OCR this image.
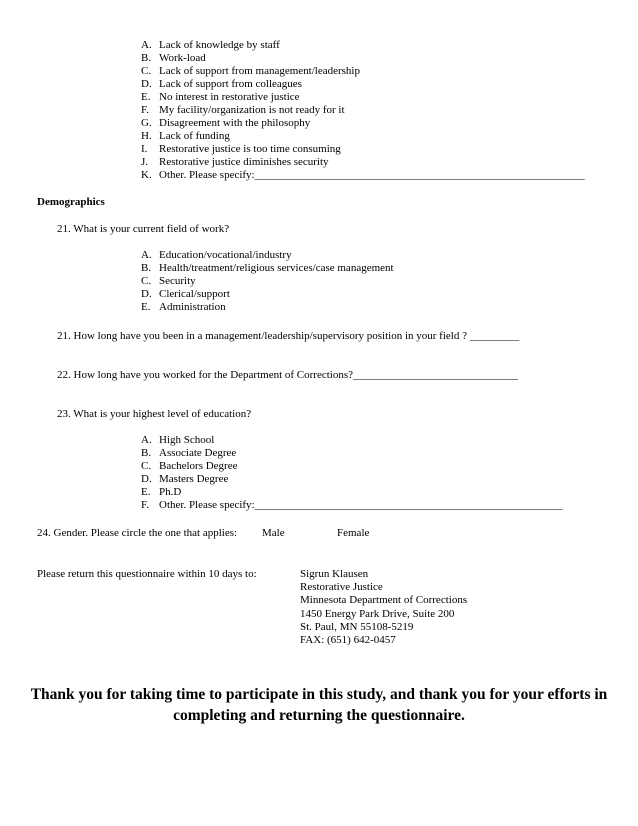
A. Lack of knowledge by staff
B. Work-load
C. Lack of support from management/leadership
D. Lack of support from colleagues
E. No interest in restorative justice
F. My facility/organization is not ready for it
G. Disagreement with the philosophy
H. Lack of funding
I. Restorative justice is too time consuming
J. Restorative justice diminishes security
K. Other. Please specify:____________________________________________________________
Demographics
21. What is your current field of work?
A. Education/vocational/industry
B. Health/treatment/religious services/case management
C. Security
D. Clerical/support
E. Administration
21. How long have you been in a management/leadership/supervisory position in your field ? _________
22. How long have you worked for the Department of Corrections?______________________________
23. What is your highest level of education?
A. High School
B. Associate Degree
C. Bachelors Degree
D. Masters Degree
E. Ph.D
F. Other. Please specify:________________________________________________________
24. Gender. Please circle the one that applies: Male	Female
Please return this questionnaire within 10 days to:	Sigrun Klausen
Restorative Justice
Minnesota Department of Corrections
1450 Energy Park Drive, Suite 200
St. Paul, MN 55108-5219
FAX: (651) 642-0457
Thank you for taking time to participate in this study, and thank you for your efforts in completing and returning the questionnaire.
